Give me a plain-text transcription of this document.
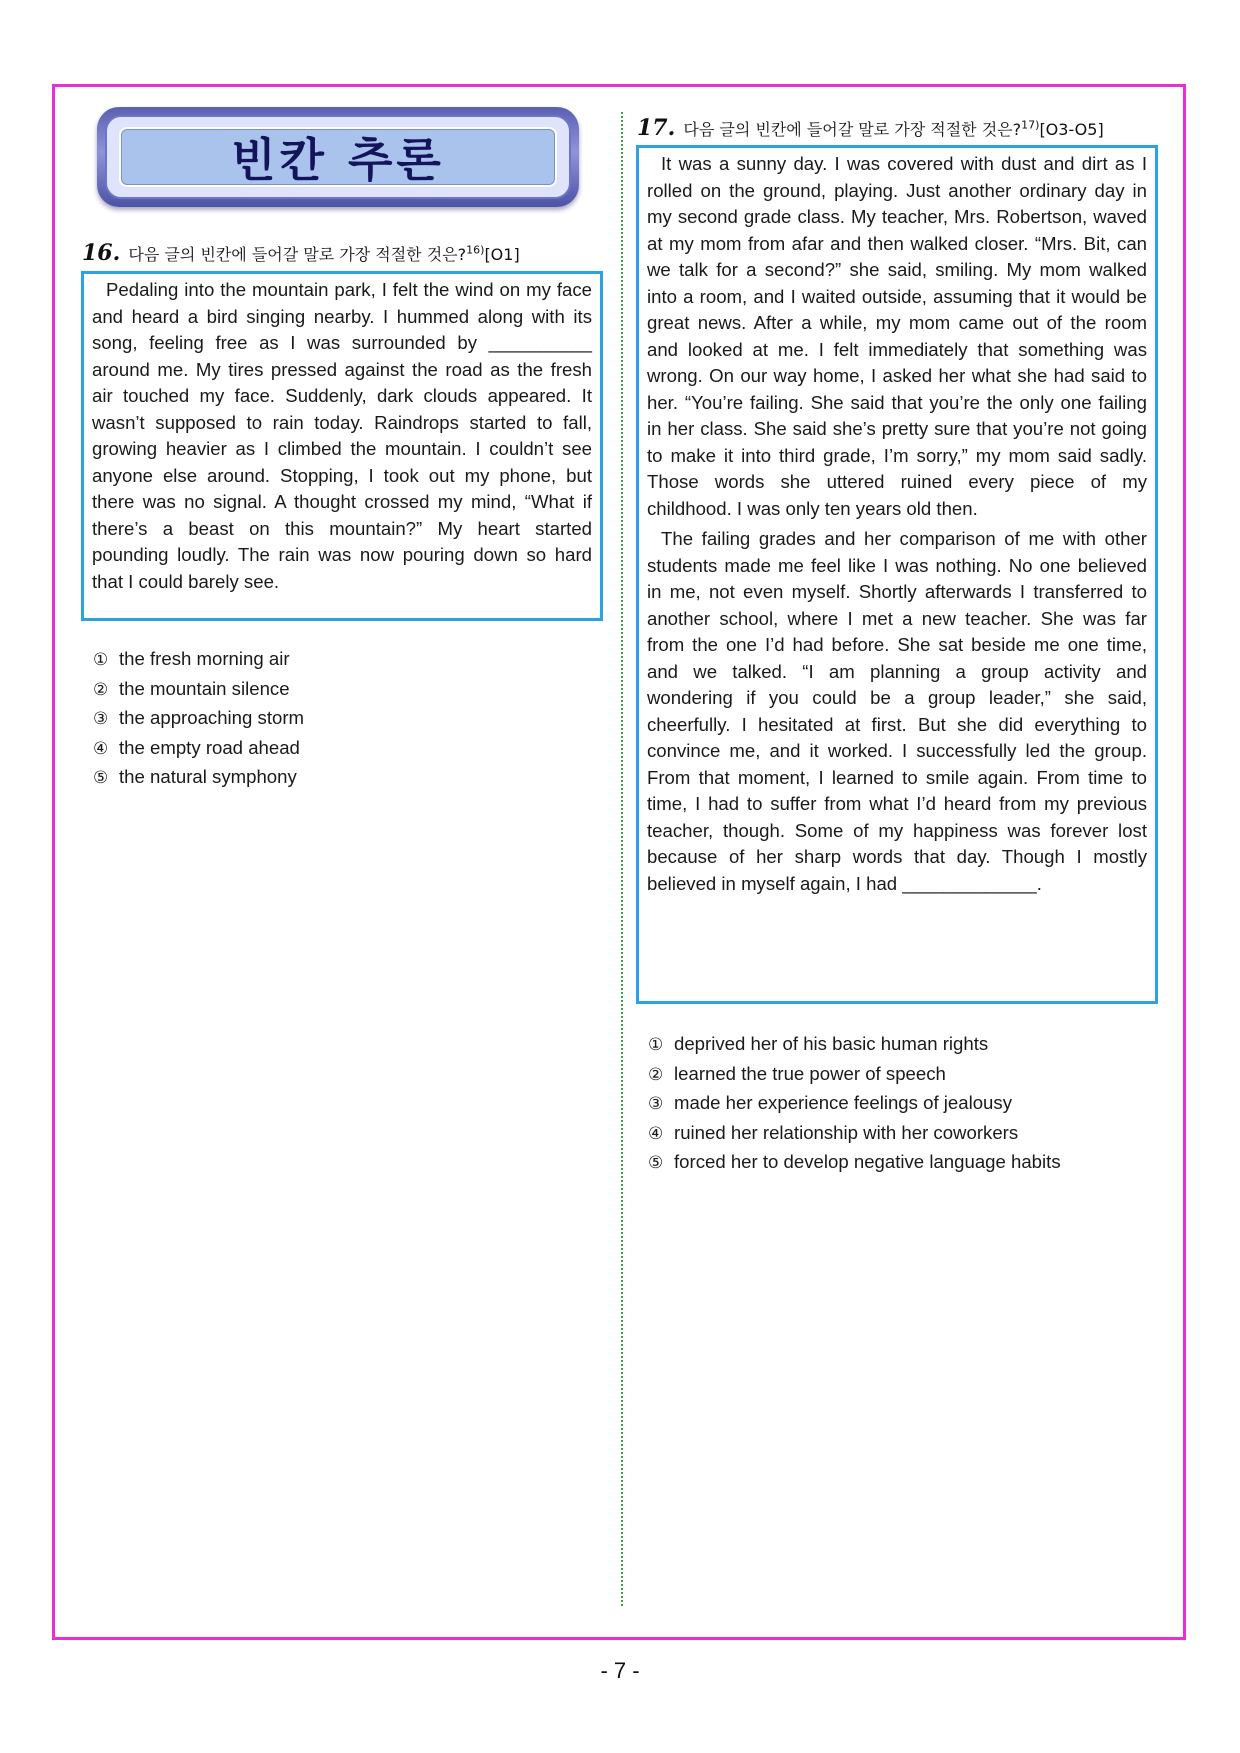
빈칸 추론
16. 다음 글의 빈칸에 들어갈 말로 가장 적절한 것은?$^{16)}$[O1]

Pedaling into the mountain park, I felt the wind on my face and heard a bird singing nearby. I hummed along with its song, feeling free as I was surrounded by __________ around me. My tires pressed against the road as the fresh air touched my face. Suddenly, dark clouds appeared. It wasn’t supposed to rain today. Raindrops started to fall, growing heavier as I climbed the mountain. I couldn’t see anyone else around. Stopping, I took out my phone, but there was no signal. A thought crossed my mind, “What if there’s a beast on this mountain?” My heart started pounding loudly. The rain was now pouring down so hard that I could barely see.

① the fresh morning air
② the mountain silence
③ the approaching storm
④ the empty road ahead
⑤ the natural symphony
17. 다음 글의 빈칸에 들어갈 말로 가장 적절한 것은?$^{17)}$[O3-O5]

It was a sunny day. I was covered with dust and dirt as I rolled on the ground, playing. Just another ordinary day in my second grade class. My teacher, Mrs. Robertson, waved at my mom from afar and then walked closer. “Mrs. Bit, can we talk for a second?” she said, smiling. My mom walked into a room, and I waited outside, assuming that it would be great news. After a while, my mom came out of the room and looked at me. I felt immediately that something was wrong. On our way home, I asked her what she had said to her. “You’re failing. She said that you’re the only one failing in her class. She said she’s pretty sure that you’re not going to make it into third grade, I’m sorry,” my mom said sadly. Those words she uttered ruined every piece of my childhood. I was only ten years old then.

The failing grades and her comparison of me with other students made me feel like I was nothing. No one believed in me, not even myself. Shortly afterwards I transferred to another school, where I met a new teacher. She was far from the one I’d had before. She sat beside me one time, and we talked. “I am planning a group activity and wondering if you could be a group leader,” she said, cheerfully. I hesitated at first. But she did everything to convince me, and it worked. I successfully led the group. From that moment, I learned to smile again. From time to time, I had to suffer from what I’d heard from my previous teacher, though. Some of my happiness was forever lost because of her sharp words that day. Though I mostly believed in myself again, I had _____________.

① deprived her of his basic human rights
② learned the true power of speech
③ made her experience feelings of jealousy
④ ruined her relationship with her coworkers
⑤ forced her to develop negative language habits
- 7 -
